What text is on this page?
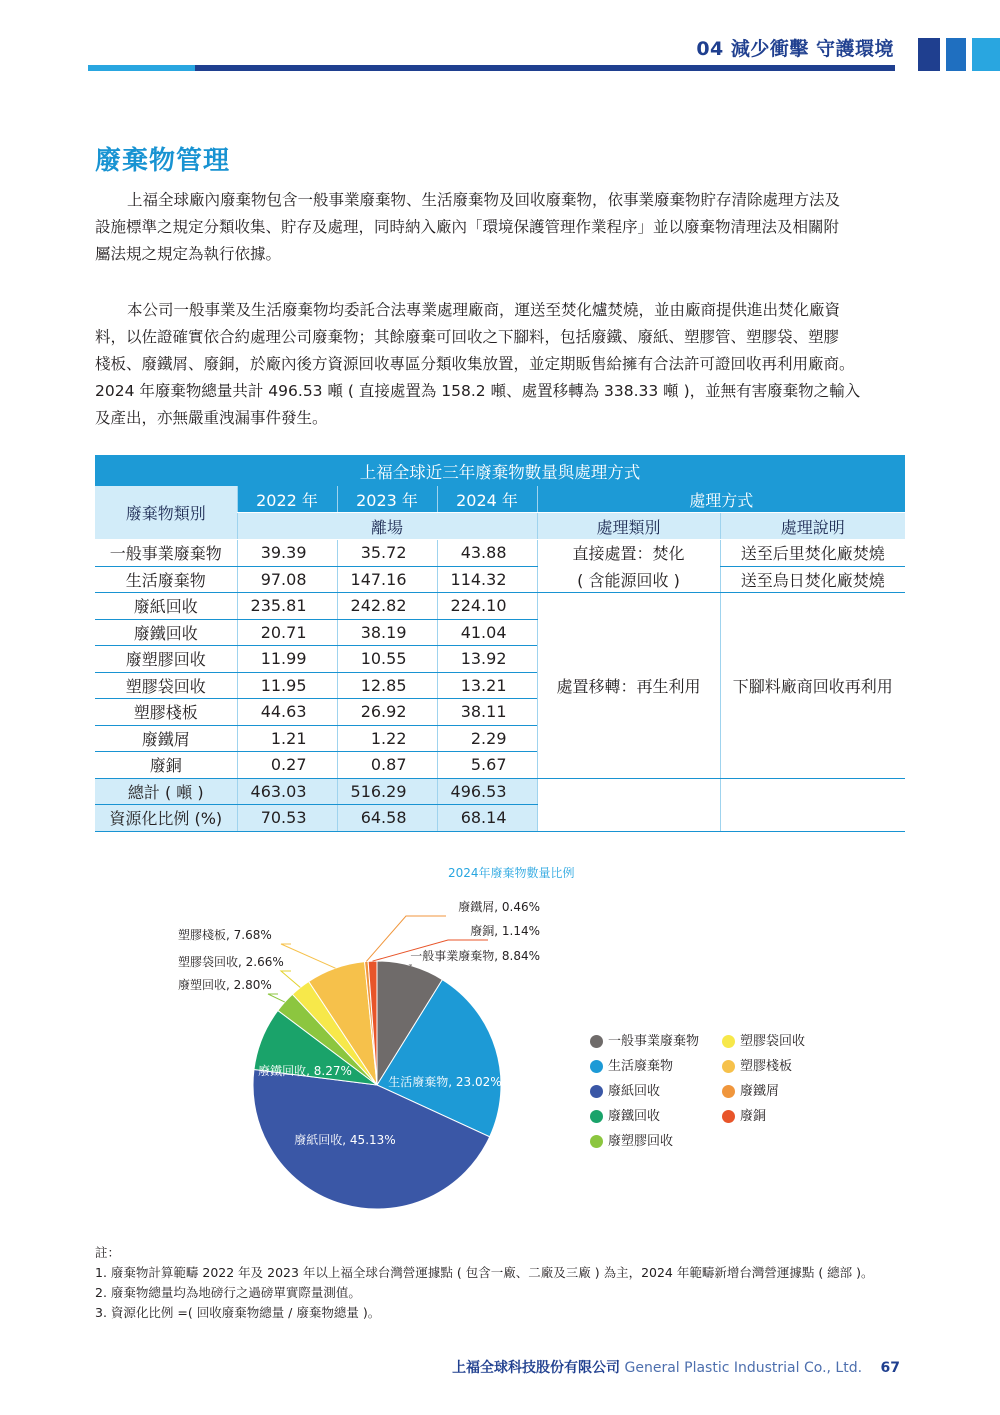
04 減少衝擊 守護環境
廢棄物管理
上福全球廠內廢棄物包含一般事業廢棄物、生活廢棄物及回收廢棄物，依事業廢棄物貯存清除處理方法及
設施標準之規定分類收集、貯存及處理，同時納入廠內「環境保護管理作業程序」並以廢棄物清理法及相關附
屬法規之規定為執行依據。
本公司一般事業及生活廢棄物均委託合法專業處理廠商，運送至焚化爐焚燒，並由廠商提供進出焚化廠資
料，以佐證確實依合約處理公司廢棄物；其餘廢棄可回收之下腳料，包括廢鐵、廢紙、塑膠管、塑膠袋、塑膠
棧板、廢鐵屑、廢銅，於廠內後方資源回收專區分類收集放置，並定期販售給擁有合法許可證回收再利用廠商。
2024 年廢棄物總量共計 496.53 噸 ( 直接處置為 158.2 噸、處置移轉為 338.33 噸 )，並無有害廢棄物之輸入
及產出，亦無嚴重洩漏事件發生。
上福全球近三年廢棄物數量與處理方式					
廢棄物類別	2022 年	2023 年	2024 年	處理方式	
	離場			處理類別	處理說明
一般事業廢棄物	39.39	35.72	43.88	直接處置：焚化
( 含能源回收 )	送至后里焚化廠焚燒
生活廢棄物	97.08	147.16	114.32		送至烏日焚化廠焚燒
廢紙回收	235.81	242.82	224.10	處置移轉：再生利用	下腳料廠商回收再利用
廢鐵回收	20.71	38.19	41.04		
廢塑膠回收	11.99	10.55	13.92		
塑膠袋回收	11.95	12.85	13.21		
塑膠棧板	44.63	26.92	38.11		
廢鐵屑	1.21	1.22	2.29		
廢銅	0.27	0.87	5.67		
總計 ( 噸 )	463.03	516.29	496.53		
資源化比例 (%)	70.53	64.58	68.14		
2024年廢棄物數量比例
一般事業廢棄物, 8.84%
生活廢棄物, 23.02%
廢紙回收, 45.13%
廢鐵回收, 8.27%
廢塑回收, 2.80%
塑膠袋回收, 2.66%
塑膠棧板, 7.68%
廢鐵屑, 0.46%
廢銅, 1.14%
一般事業廢棄物	塑膠袋回收
生活廢棄物	塑膠棧板
廢紙回收	廢鐵屑
廢鐵回收	廢銅
廢塑膠回收
註：
1. 廢棄物計算範疇 2022 年及 2023 年以上福全球台灣營運據點 ( 包含一廠、二廠及三廠 ) 為主，2024 年範疇新增台灣營運據點 ( 總部 )。
2. 廢棄物總量均為地磅行之過磅單實際量測值。
3. 資源化比例 =( 回收廢棄物總量 / 廢棄物總量 )。
上福全球科技股份有限公司 General Plastic Industrial Co., Ltd. 67
